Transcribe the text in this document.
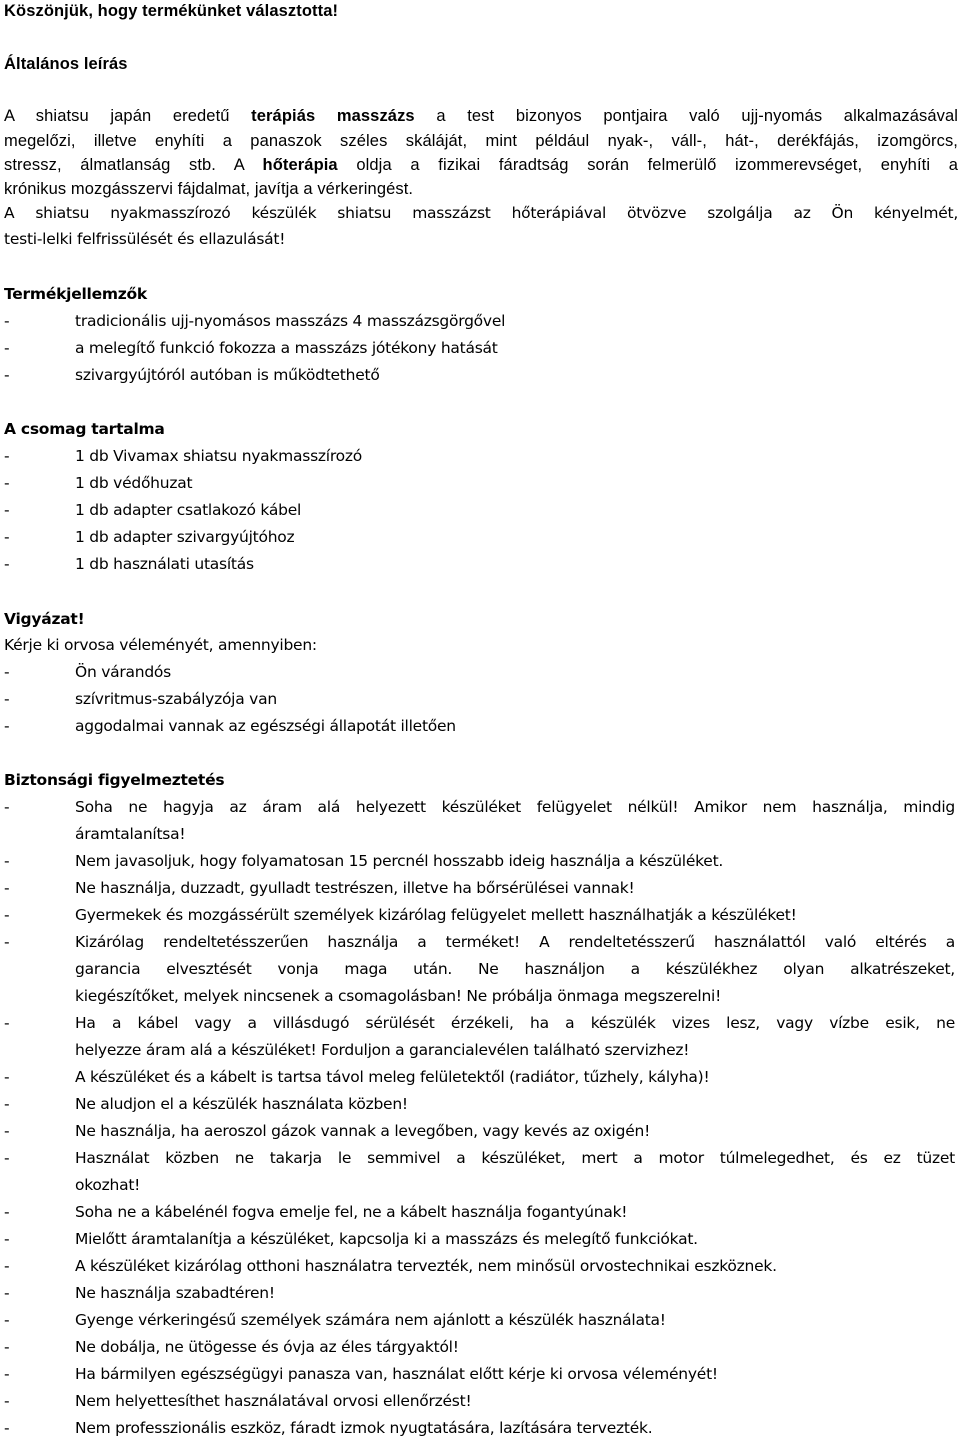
Köszönjük, hogy termékünket választotta!
Általános leírás
A shiatsu japán eredetű terápiás masszázs a test bizonyos pontjaira való ujj-nyomás alkalmazásával
megelőzi, illetve enyhíti a panaszok széles skáláját, mint például nyak-, váll-, hát-, derékfájás, izomgörcs,
stressz, álmatlanság stb. A hőterápia oldja a fizikai fáradtság során felmerülő izommerevséget, enyhíti a
krónikus mozgásszervi fájdalmat, javítja a vérkeringést.
A shiatsu nyakmasszírozó készülék shiatsu masszázst hőterápiával ötvözve szolgálja az Ön kényelmét,
testi-lelki felfrissülését és ellazulását!
Termékjellemzők
-	tradicionális ujj-nyomásos masszázs 4 masszázsgörgővel
-	a melegítő funkció fokozza a masszázs jótékony hatását
-	szivargyújtóról autóban is működtethető
A csomag tartalma
-	1 db Vivamax shiatsu nyakmasszírozó
-	1 db védőhuzat
-	1 db adapter csatlakozó kábel
-	1 db adapter szivargyújtóhoz
-	1 db használati utasítás
Vigyázat!
Kérje ki orvosa véleményét, amennyiben:
-	Ön várandós
-	szívritmus-szabályzója van
-	aggodalmai vannak az egészségi állapotát illetően
Biztonsági figyelmeztetés
-	Soha ne hagyja az áram alá helyezett készüléket felügyelet nélkül! Amikor nem használja, mindig
áramtalanítsa!
-	Nem javasoljuk, hogy folyamatosan 15 percnél hosszabb ideig használja a készüléket.
-	Ne használja, duzzadt, gyulladt testrészen, illetve ha bőrsérülései vannak!
-	Gyermekek és mozgássérült személyek kizárólag felügyelet mellett használhatják a készüléket!
-	Kizárólag rendeltetésszerűen használja a terméket! A rendeltetésszerű használattól való eltérés a
garancia elvesztését vonja maga után. Ne használjon a készülékhez olyan alkatrészeket,
kiegészítőket, melyek nincsenek a csomagolásban! Ne próbálja önmaga megszerelni!
-	Ha a kábel vagy a villásdugó sérülését érzékeli, ha a készülék vizes lesz, vagy vízbe esik, ne
helyezze áram alá a készüléket! Forduljon a garancialevélen található szervizhez!
-	A készüléket és a kábelt is tartsa távol meleg felületektől (radiátor, tűzhely, kályha)!
-	Ne aludjon el a készülék használata közben!
-	Ne használja, ha aeroszol gázok vannak a levegőben, vagy kevés az oxigén!
-	Használat közben ne takarja le semmivel a készüléket, mert a motor túlmelegedhet, és ez tüzet
okozhat!
-	Soha ne a kábelénél fogva emelje fel, ne a kábelt használja fogantyúnak!
-	Mielőtt áramtalanítja a készüléket, kapcsolja ki a masszázs és melegítő funkciókat.
-	A készüléket kizárólag otthoni használatra tervezték, nem minősül orvostechnikai eszköznek.
-	Ne használja szabadtéren!
-	Gyenge vérkeringésű személyek számára nem ajánlott a készülék használata!
-	Ne dobálja, ne ütögesse és óvja az éles tárgyaktól!
-	Ha bármilyen egészségügyi panasza van, használat előtt kérje ki orvosa véleményét!
-	Nem helyettesíthet használatával orvosi ellenőrzést!
-	Nem professzionális eszköz, fáradt izmok nyugtatására, lazítására tervezték.
